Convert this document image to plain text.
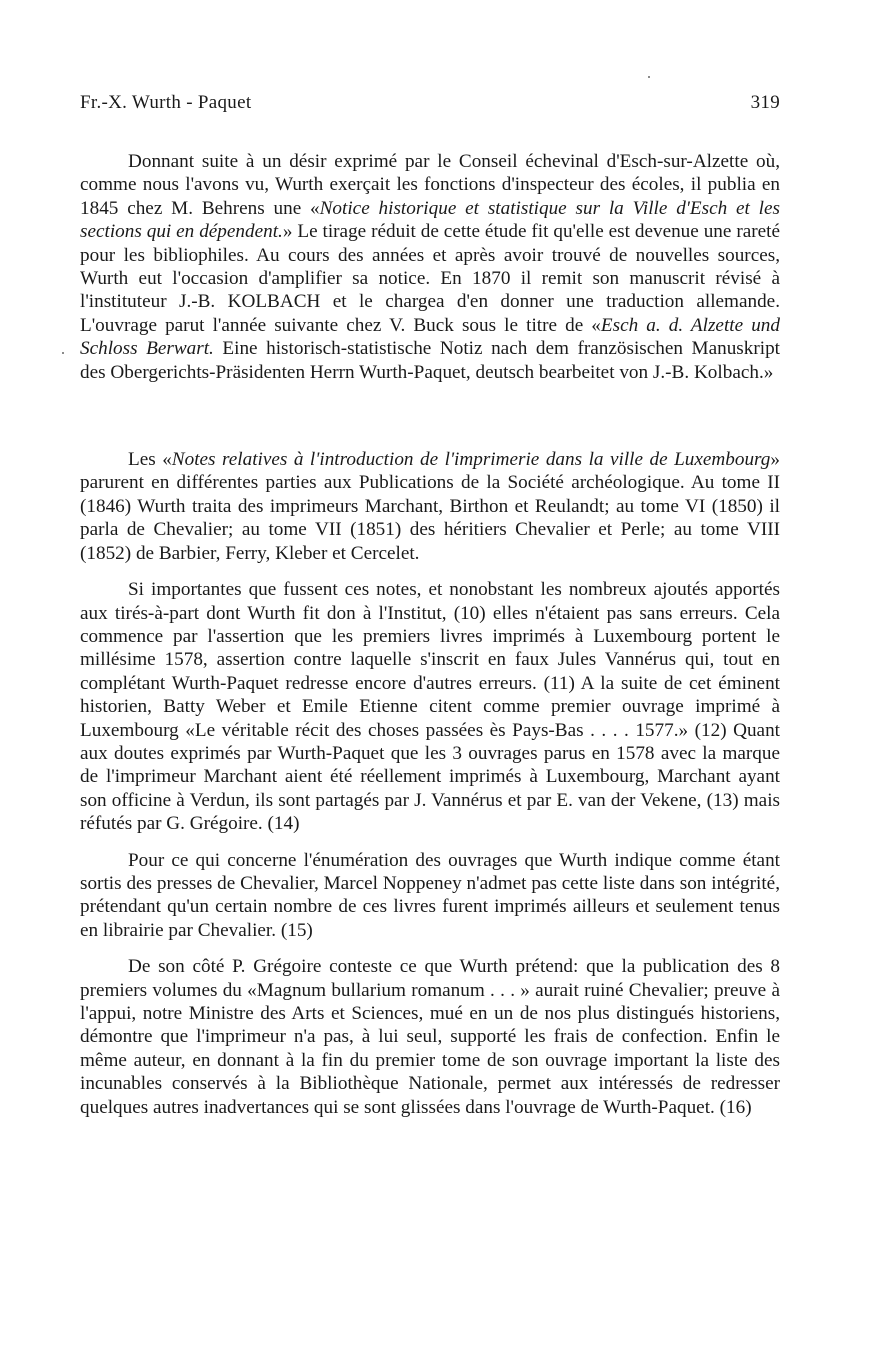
Fr.-X. Wurth - Paquet	319

Donnant suite à un désir exprimé par le Conseil échevinal d'Esch-sur-Alzette où, comme nous l'avons vu, Wurth exerçait les fonctions d'inspecteur des écoles, il publia en 1845 chez M. Behrens une «Notice historique et statistique sur la Ville d'Esch et les sections qui en dépendent.» Le tirage réduit de cette étude fit qu'elle est devenue une rareté pour les bibliophiles. Au cours des années et après avoir trouvé de nouvelles sources, Wurth eut l'occasion d'amplifier sa notice. En 1870 il remit son manuscrit révisé à l'instituteur J.-B. KOLBACH et le chargea d'en donner une traduction allemande. L'ouvrage parut l'année suivante chez V. Buck sous le titre de «Esch a. d. Alzette und Schloss Berwart. Eine historisch-statistische Notiz nach dem französischen Manuskript des Obergerichts-Präsidenten Herrn Wurth-Paquet, deutsch bearbeitet von J.-B. Kolbach.»

Les «Notes relatives à l'introduction de l'imprimerie dans la ville de Luxembourg» parurent en différentes parties aux Publications de la Société archéologique. Au tome II (1846) Wurth traita des imprimeurs Marchant, Birthon et Reulandt; au tome VI (1850) il parla de Chevalier; au tome VII (1851) des héritiers Chevalier et Perle; au tome VIII (1852) de Barbier, Ferry, Kleber et Cercelet.

Si importantes que fussent ces notes, et nonobstant les nombreux ajoutés apportés aux tirés-à-part dont Wurth fit don à l'Institut, (10) elles n'étaient pas sans erreurs. Cela commence par l'assertion que les premiers livres imprimés à Luxembourg portent le millésime 1578, assertion contre laquelle s'inscrit en faux Jules Vannérus qui, tout en complétant Wurth-Paquet redresse encore d'autres erreurs. (11) A la suite de cet éminent historien, Batty Weber et Emile Etienne citent comme premier ouvrage imprimé à Luxembourg «Le véritable récit des choses passées ès Pays-Bas . . . . 1577.» (12) Quant aux doutes exprimés par Wurth-Paquet que les 3 ouvrages parus en 1578 avec la marque de l'imprimeur Marchant aient été réellement imprimés à Luxembourg, Marchant ayant son officine à Verdun, ils sont partagés par J. Vannérus et par E. van der Vekene, (13) mais réfutés par G. Grégoire. (14)

Pour ce qui concerne l'énumération des ouvrages que Wurth indique comme étant sortis des presses de Chevalier, Marcel Noppeney n'admet pas cette liste dans son intégrité, prétendant qu'un certain nombre de ces livres furent imprimés ailleurs et seulement tenus en librairie par Chevalier. (15)

De son côté P. Grégoire conteste ce que Wurth prétend: que la publication des 8 premiers volumes du «Magnum bullarium romanum . . . » aurait ruiné Chevalier; preuve à l'appui, notre Ministre des Arts et Sciences, mué en un de nos plus distingués historiens, démontre que l'imprimeur n'a pas, à lui seul, supporté les frais de confection. Enfin le même auteur, en donnant à la fin du premier tome de son ouvrage important la liste des incunables conservés à la Bibliothèque Nationale, permet aux intéressés de redresser quelques autres inadvertances qui se sont glissées dans l'ouvrage de Wurth-Paquet. (16)
